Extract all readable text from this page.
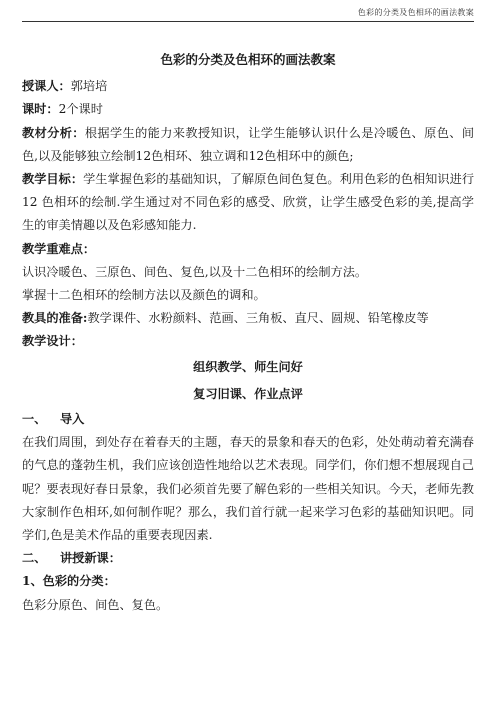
色彩的分类及色相环的画法教案

色彩的分类及色相环的画法教案

授课人：郭培培

课时：2个课时

教材分析：根据学生的能力来教授知识，让学生能够认识什么是冷暖色、原色、间色,以及能够独立绘制12色相环、独立调和12色相环中的颜色;

教学目标：学生掌握色彩的基础知识，了解原色间色复色。利用色彩的色相知识进行 12 色相环的绘制.学生通过对不同色彩的感受、欣赏，让学生感受色彩的美,提高学生的审美情趣以及色彩感知能力.

教学重难点：

认识冷暖色、三原色、间色、复色,以及十二色相环的绘制方法。

掌握十二色相环的绘制方法以及颜色的调和。

教具的准备:教学课件、水粉颜料、范画、三角板、直尺、圆规、铅笔橡皮等

教学设计：

组织教学、师生问好

复习旧课、作业点评

一、 导入

在我们周围，到处存在着春天的主题，春天的景象和春天的色彩，处处萌动着充满春的气息的蓬勃生机，我们应该创造性地给以艺术表现。同学们，你们想不想展现自己呢？要表现好春日景象，我们必须首先要了解色彩的一些相关知识。今天，老师先教大家制作色相环,如何制作呢？那么，我们首行就一起来学习色彩的基础知识吧。同学们,色是美术作品的重要表现因素.

二、 讲授新课：

1、色彩的分类：

色彩分原色、间色、复色。
